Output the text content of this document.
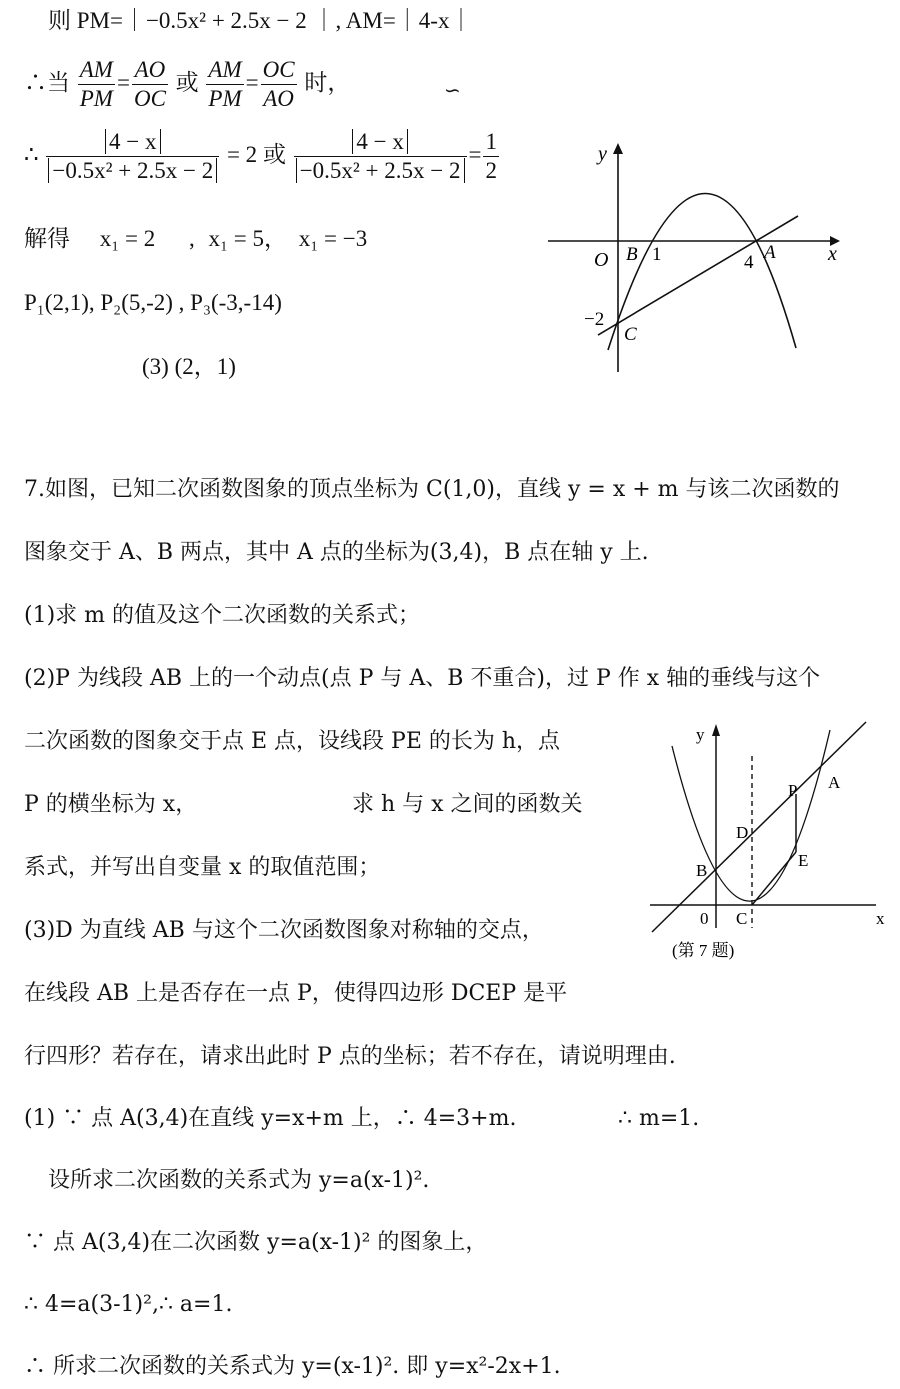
则 PM=｜−0.5x² + 2.5x − 2 ｜, AM=｜4-x｜
∴当 $\frac{AM}{PM} = \frac{AO}{OC}$ 或 $\frac{AM}{PM} = \frac{OC}{AO}$ 时，	∽
∴ $\frac{4 - x}{\text{−0.5x² + 2.5x − 2}} = 2$ 或 $\frac{4 - x}{\text{−0.5x² + 2.5x − 2}} = \frac{1}{2}$
解得 x₁ = 2 , x₁ = 5， x₁ = −3
P₁(2,1), P₂(5,-2) , P₃(-3,-14)
(3) (2，1)
y
x
O B 1	4 A
−2
C
7.如图，已知二次函数图象的顶点坐标为 C(1,0)，直线 y = x + m 与该二次函数的
图象交于 A、B 两点，其中 A 点的坐标为(3,4)，B 点在轴 y 上.
(1)求 m 的值及这个二次函数的关系式；
(2)P 为线段 AB 上的一个动点(点 P 与 A、B 不重合)，过 P 作 x 轴的垂线与这个
二次函数的图象交于点 E 点，设线段 PE 的长为 h，点
P 的横坐标为 x，	求 h 与 x 之间的函数关
系式，并写出自变量 x 的取值范围；
(3)D 为直线 AB 与这个二次函数图象对称轴的交点，
在线段 AB 上是否存在一点 P，使得四边形 DCEP 是平
行四形？若存在，请求出此时 P 点的坐标；若不存在，请说明理由.
y
x
0 C
B
D
P A
E
(第 7 题)
(1) ∵ 点 A(3,4)在直线 y=x+m 上，∴ 4=3+m.	∴ m=1.
设所求二次函数的关系式为 y=a(x-1)².
∵ 点 A(3,4)在二次函数 y=a(x-1)² 的图象上，
∴ 4=a(3-1)²,∴ a=1.
∴ 所求二次函数的关系式为 y=(x-1)². 即 y=x²-2x+1.
